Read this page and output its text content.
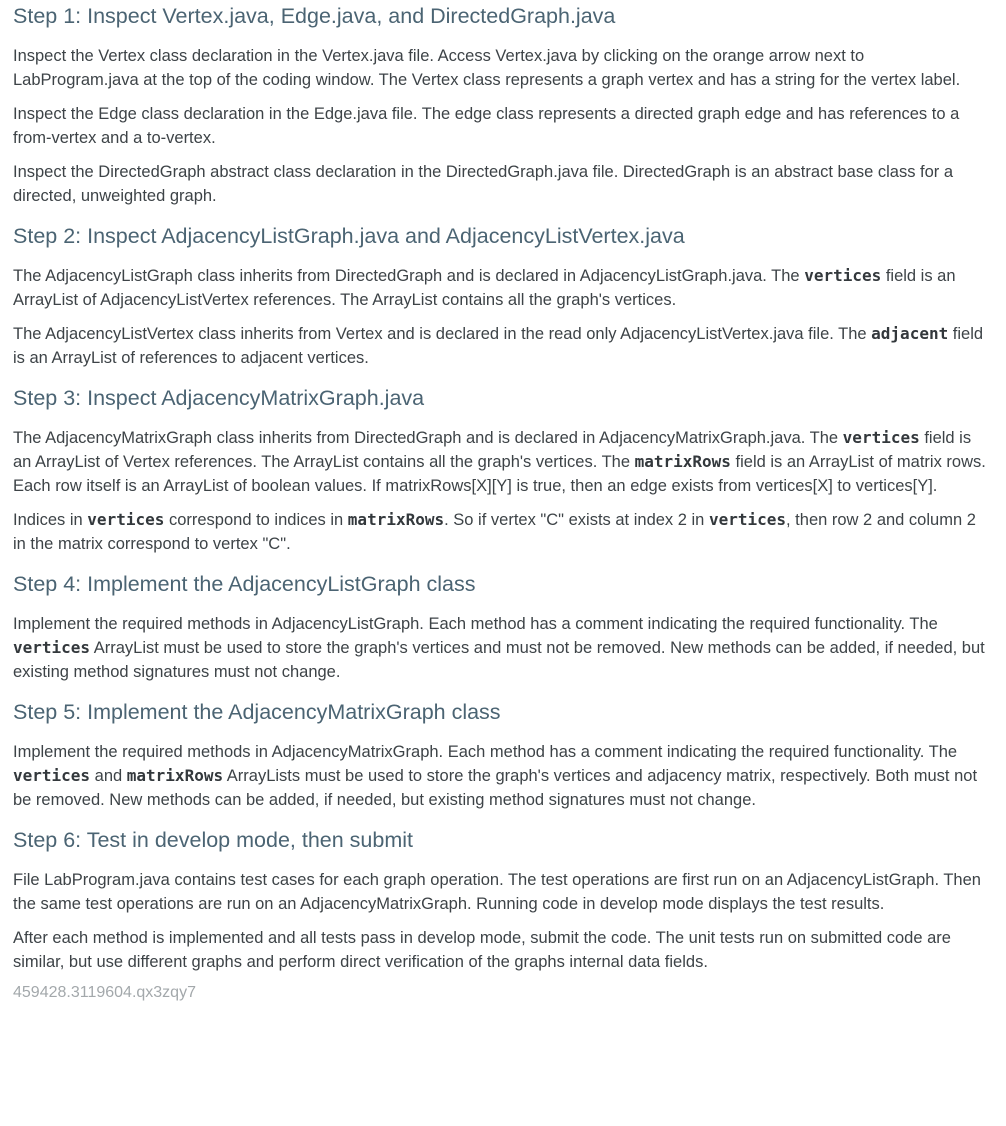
Step 1: Inspect Vertex.java, Edge.java, and DirectedGraph.java

Inspect the Vertex class declaration in the Vertex.java file. Access Vertex.java by clicking on the orange arrow next to LabProgram.java at the top of the coding window. The Vertex class represents a graph vertex and has a string for the vertex label.

Inspect the Edge class declaration in the Edge.java file. The edge class represents a directed graph edge and has references to a from-vertex and a to-vertex.

Inspect the DirectedGraph abstract class declaration in the DirectedGraph.java file. DirectedGraph is an abstract base class for a directed, unweighted graph.

Step 2: Inspect AdjacencyListGraph.java and AdjacencyListVertex.java

The AdjacencyListGraph class inherits from DirectedGraph and is declared in AdjacencyListGraph.java. The vertices field is an ArrayList of AdjacencyListVertex references. The ArrayList contains all the graph's vertices.

The AdjacencyListVertex class inherits from Vertex and is declared in the read only AdjacencyListVertex.java file. The adjacent field is an ArrayList of references to adjacent vertices.

Step 3: Inspect AdjacencyMatrixGraph.java

The AdjacencyMatrixGraph class inherits from DirectedGraph and is declared in AdjacencyMatrixGraph.java. The vertices field is an ArrayList of Vertex references. The ArrayList contains all the graph's vertices. The matrixRows field is an ArrayList of matrix rows. Each row itself is an ArrayList of boolean values. If matrixRows[X][Y] is true, then an edge exists from vertices[X] to vertices[Y].

Indices in vertices correspond to indices in matrixRows. So if vertex "C" exists at index 2 in vertices, then row 2 and column 2 in the matrix correspond to vertex "C".

Step 4: Implement the AdjacencyListGraph class

Implement the required methods in AdjacencyListGraph. Each method has a comment indicating the required functionality. The vertices ArrayList must be used to store the graph's vertices and must not be removed. New methods can be added, if needed, but existing method signatures must not change.

Step 5: Implement the AdjacencyMatrixGraph class

Implement the required methods in AdjacencyMatrixGraph. Each method has a comment indicating the required functionality. The vertices and matrixRows ArrayLists must be used to store the graph's vertices and adjacency matrix, respectively. Both must not be removed. New methods can be added, if needed, but existing method signatures must not change.

Step 6: Test in develop mode, then submit

File LabProgram.java contains test cases for each graph operation. The test operations are first run on an AdjacencyListGraph. Then the same test operations are run on an AdjacencyMatrixGraph. Running code in develop mode displays the test results.

After each method is implemented and all tests pass in develop mode, submit the code. The unit tests run on submitted code are similar, but use different graphs and perform direct verification of the graphs internal data fields.

459428.3119604.qx3zqy7
